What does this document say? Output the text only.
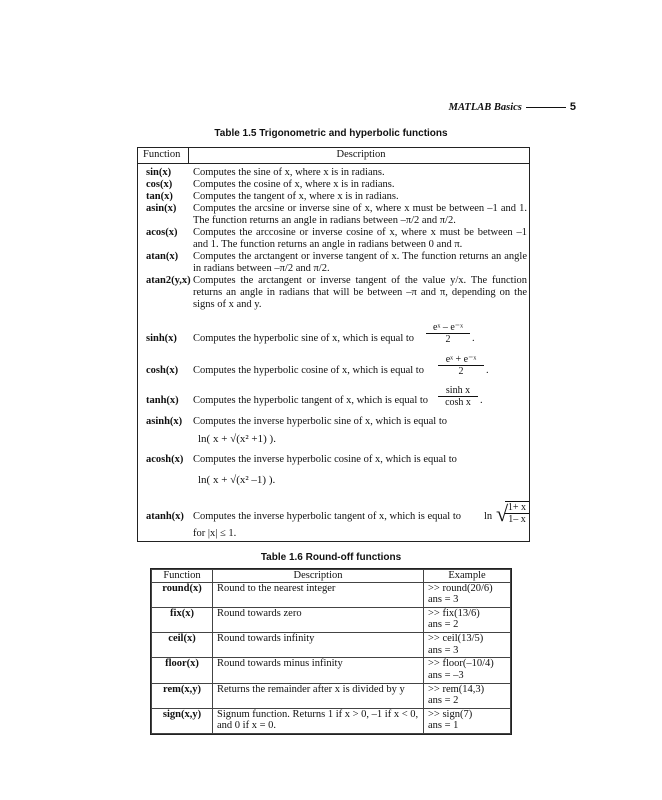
MATLAB Basics	5
Table 1.5 Trigonometric and hyperbolic functions
Function	Description
sin(x) Computes the sine of x, where x is in radians.
cos(x) Computes the cosine of x, where x is in radians.
tan(x) Computes the tangent of x, where x is in radians.
asin(x) Computes the arcsine or inverse sine of x, where x must be between –1 and 1. The function returns an angle in radians between –π/2 and π/2.
acos(x) Computes the arccosine or inverse cosine of x, where x must be between –1 and 1. The function returns an angle in radians between 0 and π.
atan(x) Computes the arctangent or inverse tangent of x. The function returns an angle in radians between –π/2 and π/2.
atan2(y,x) Computes the arctangent or inverse tangent of the value y/x. The function returns an angle in radians that will be between –π and π, depending on the signs of x and y.
sinh(x) Computes the hyperbolic sine of x, which is equal to	$\frac{\text{eˣ – e⁻ˣ}}{2}$ .
cosh(x) Computes the hyperbolic cosine of x, which is equal to	$\frac{\text{eˣ + e⁻ˣ}}{2}$ .
tanh(x) Computes the hyperbolic tangent of x, which is equal to $\frac{\text{sinh x}}{\text{cosh x}}$ .
asinh(x) Computes the inverse hyperbolic sine of x, which is equal to
ln( x + √(x² +1) ).
acosh(x) Computes the inverse hyperbolic cosine of x, which is equal to
ln( x + √(x² –1) ).
atanh(x) Computes the inverse hyperbolic tangent of x, which is equal to	ln √
$\frac{1+ x}{1- x}$
for |x| ≤ 1.
Table 1.6 Round-off functions
Function	Description	Example
round(x)	Round to the nearest integer	>> round(20/6)
ans = 3

fix(x)	Round towards zero	>> fix(13/6)
ans = 2

ceil(x)	Round towards infinity	>> ceil(13/5)
ans = 3

floor(x)	Round towards minus infinity	>> floor(–10/4)
ans = –3

rem(x,y)	Returns the remainder after x is divided by y	>> rem(14,3)
ans = 2

sign(x,y)	Signum function. Returns 1 if x > 0, –1 if x < 0, and 0 if x = 0.	>> sign(7)
ans = 1
